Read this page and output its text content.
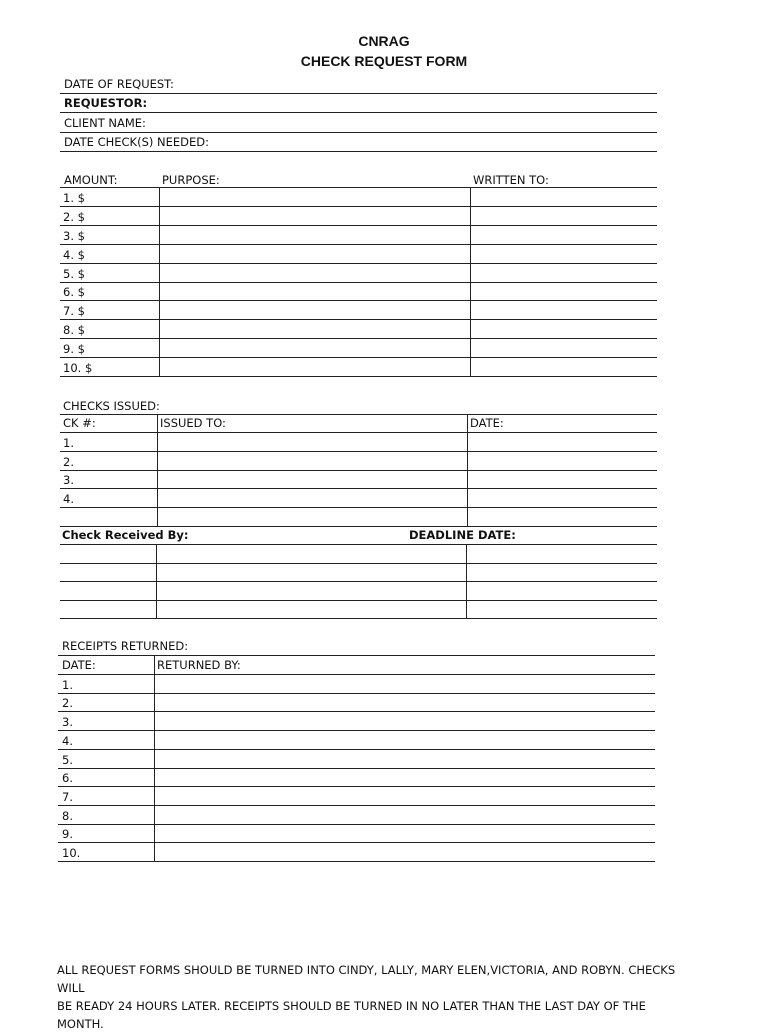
CNRAG
CHECK REQUEST FORM
DATE OF REQUEST:
REQUESTOR:
CLIENT NAME:
DATE CHECK(S) NEEDED:
AMOUNT:	PURPOSE:	WRITTEN TO:
1. $
2. $
3. $
4. $
5. $
6. $
7. $
8. $
9. $
10. $
CHECKS ISSUED:
CK #:	ISSUED TO:	DATE:
1.
2.
3.
4.
Check Received By:	DEADLINE DATE:
RECEIPTS RETURNED:
DATE:	RETURNED BY:
1.
2.
3.
4.
5.
6.
7.
8.
9.
10.
ALL REQUEST FORMS SHOULD BE TURNED INTO CINDY, LALLY, MARY ELEN,VICTORIA, AND ROBYN. CHECKS WILL
BE READY 24 HOURS LATER. RECEIPTS SHOULD BE TURNED IN NO LATER THAN THE LAST DAY OF THE MONTH.
